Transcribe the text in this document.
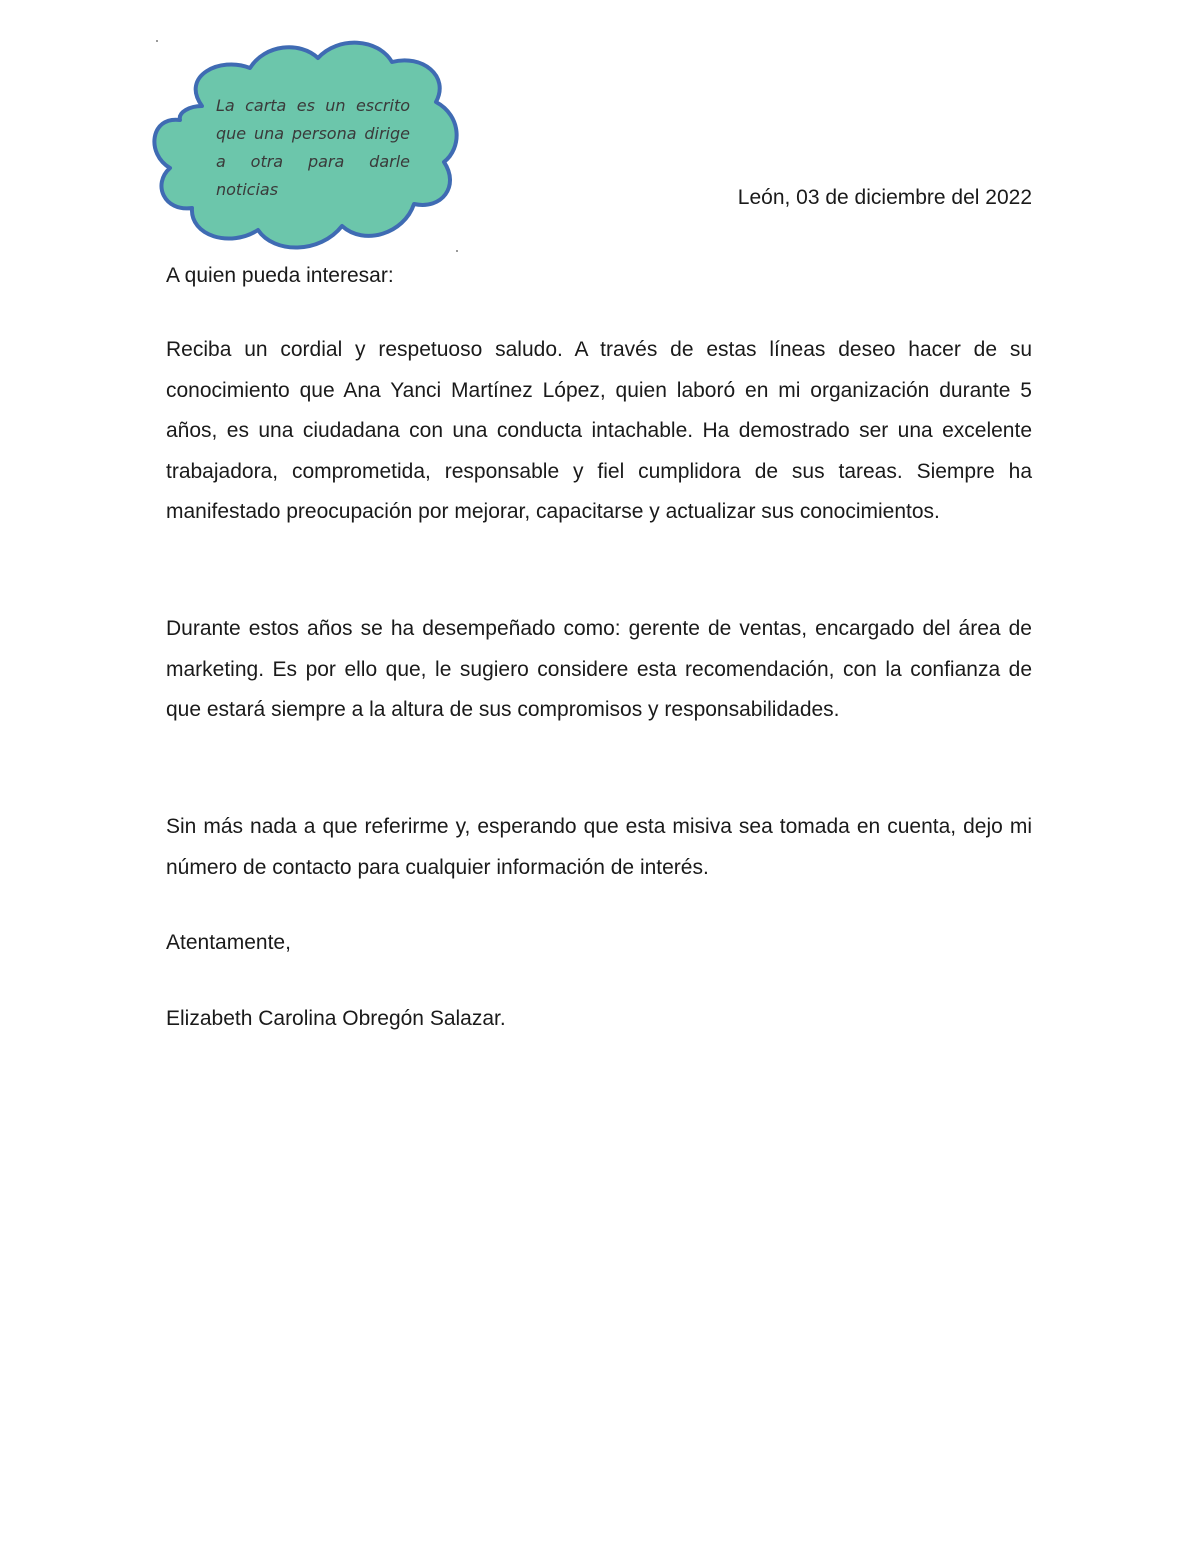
La carta es un escrito que una persona dirige a otra para darle noticias	León, 03 de diciembre del 2022

A quien pueda interesar:

Reciba un cordial y respetuoso saludo. A través de estas líneas deseo hacer de su conocimiento que Ana Yanci Martínez López, quien laboró en mi organización durante 5 años, es una ciudadana con una conducta intachable. Ha demostrado ser una excelente trabajadora, comprometida, responsable y fiel cumplidora de sus tareas. Siempre ha manifestado preocupación por mejorar, capacitarse y actualizar sus conocimientos.

Durante estos años se ha desempeñado como: gerente de ventas, encargado del área de marketing. Es por ello que, le sugiero considere esta recomendación, con la confianza de que estará siempre a la altura de sus compromisos y responsabilidades.

Sin más nada a que referirme y, esperando que esta misiva sea tomada en cuenta, dejo mi número de contacto para cualquier información de interés.

Atentamente,

Elizabeth Carolina Obregón Salazar.
